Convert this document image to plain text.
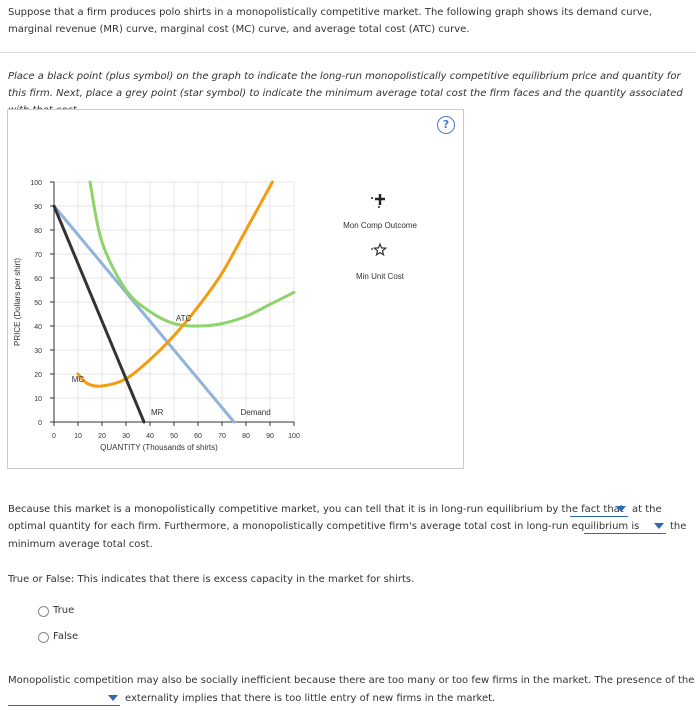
Suppose that a firm produces polo shirts in a monopolistically competitive market. The following graph shows its demand curve, marginal revenue (MR) curve, marginal cost (MC) curve, and average total cost (ATC) curve.

Place a black point (plus symbol) on the graph to indicate the long-run monopolistically competitive equilibrium price and quantity for this firm. Next, place a grey point (star symbol) to indicate the minimum average total cost the firm faces and the quantity associated

?
0	10 20 30 40 50 60 70 80 90 100
0
10
20
30
40
50
60
70
80
90
100
QUANTITY (Thousands of shirts)
PRICE (Dollars per shirt)
MC
ATC
MR	Demand
Mon Comp Outcome
Min Unit Cost
Because this market is a monopolistically competitive market, you can tell that it is in long-run equilibrium by the fact that at the
optimal quantity for each firm. Furthermore, a monopolistically competitive firm's average total cost in long-run equilibrium is	the
minimum average total cost.
True or False: This indicates that there is excess capacity in the market for shirts.
True
False
Monopolistic competition may also be socially inefficient because there are too many or too few firms in the market. The presence of the
externality implies that there is too little entry of new firms in the market.
